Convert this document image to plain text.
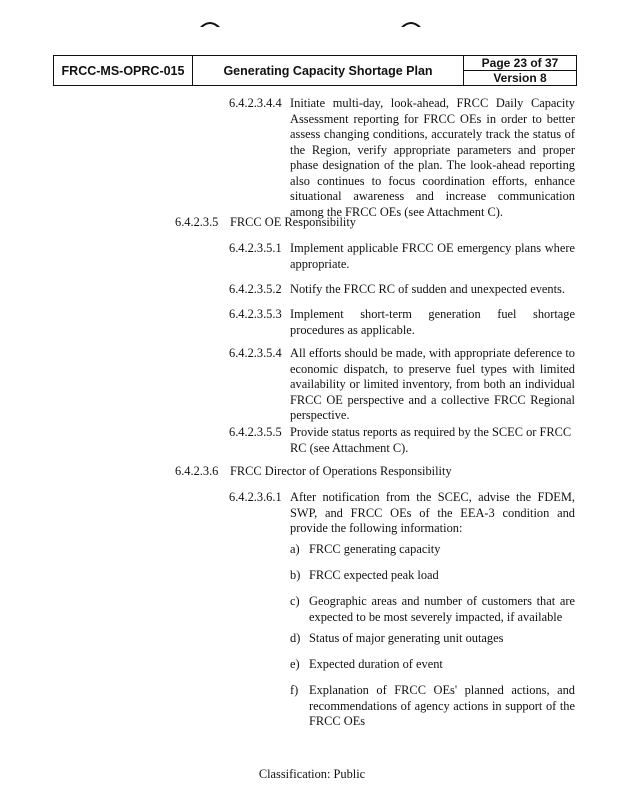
FRCC-MS-OPRC-015	Generating Capacity Shortage Plan	Page 23 of 37
Version 8
6.4.2.3.4.4 Initiate multi-day, look-ahead, FRCC Daily Capacity Assessment reporting for FRCC OEs in order to better assess changing conditions, accurately track the status of the Region, verify appropriate parameters and proper phase designation of the plan. The look-ahead reporting also continues to focus coordination efforts, enhance situational awareness and increase communication among the FRCC OEs (see Attachment C).

6.4.2.3.5 FRCC OE Responsibility

6.4.2.3.5.1 Implement applicable FRCC OE emergency plans where appropriate.

6.4.2.3.5.2 Notify the FRCC RC of sudden and unexpected events.

6.4.2.3.5.3 Implement short-term generation fuel shortage procedures as applicable.

6.4.2.3.5.4 All efforts should be made, with appropriate deference to economic dispatch, to preserve fuel types with limited availability or limited inventory, from both an individual FRCC OE perspective and a collective FRCC Regional perspective.

6.4.2.3.5.5 Provide status reports as required by the SCEC or FRCC RC (see Attachment C).

6.4.2.3.6 FRCC Director of Operations Responsibility

6.4.2.3.6.1 After notification from the SCEC, advise the FDEM, SWP, and FRCC OEs of the EEA-3 condition and provide the following information:

a) FRCC generating capacity

b) FRCC expected peak load

c) Geographic areas and number of customers that are expected to be most severely impacted, if available

d) Status of major generating unit outages

e) Expected duration of event

f) Explanation of FRCC OEs' planned actions, and recommendations of agency actions in support of the FRCC OEs

Classification: Public
